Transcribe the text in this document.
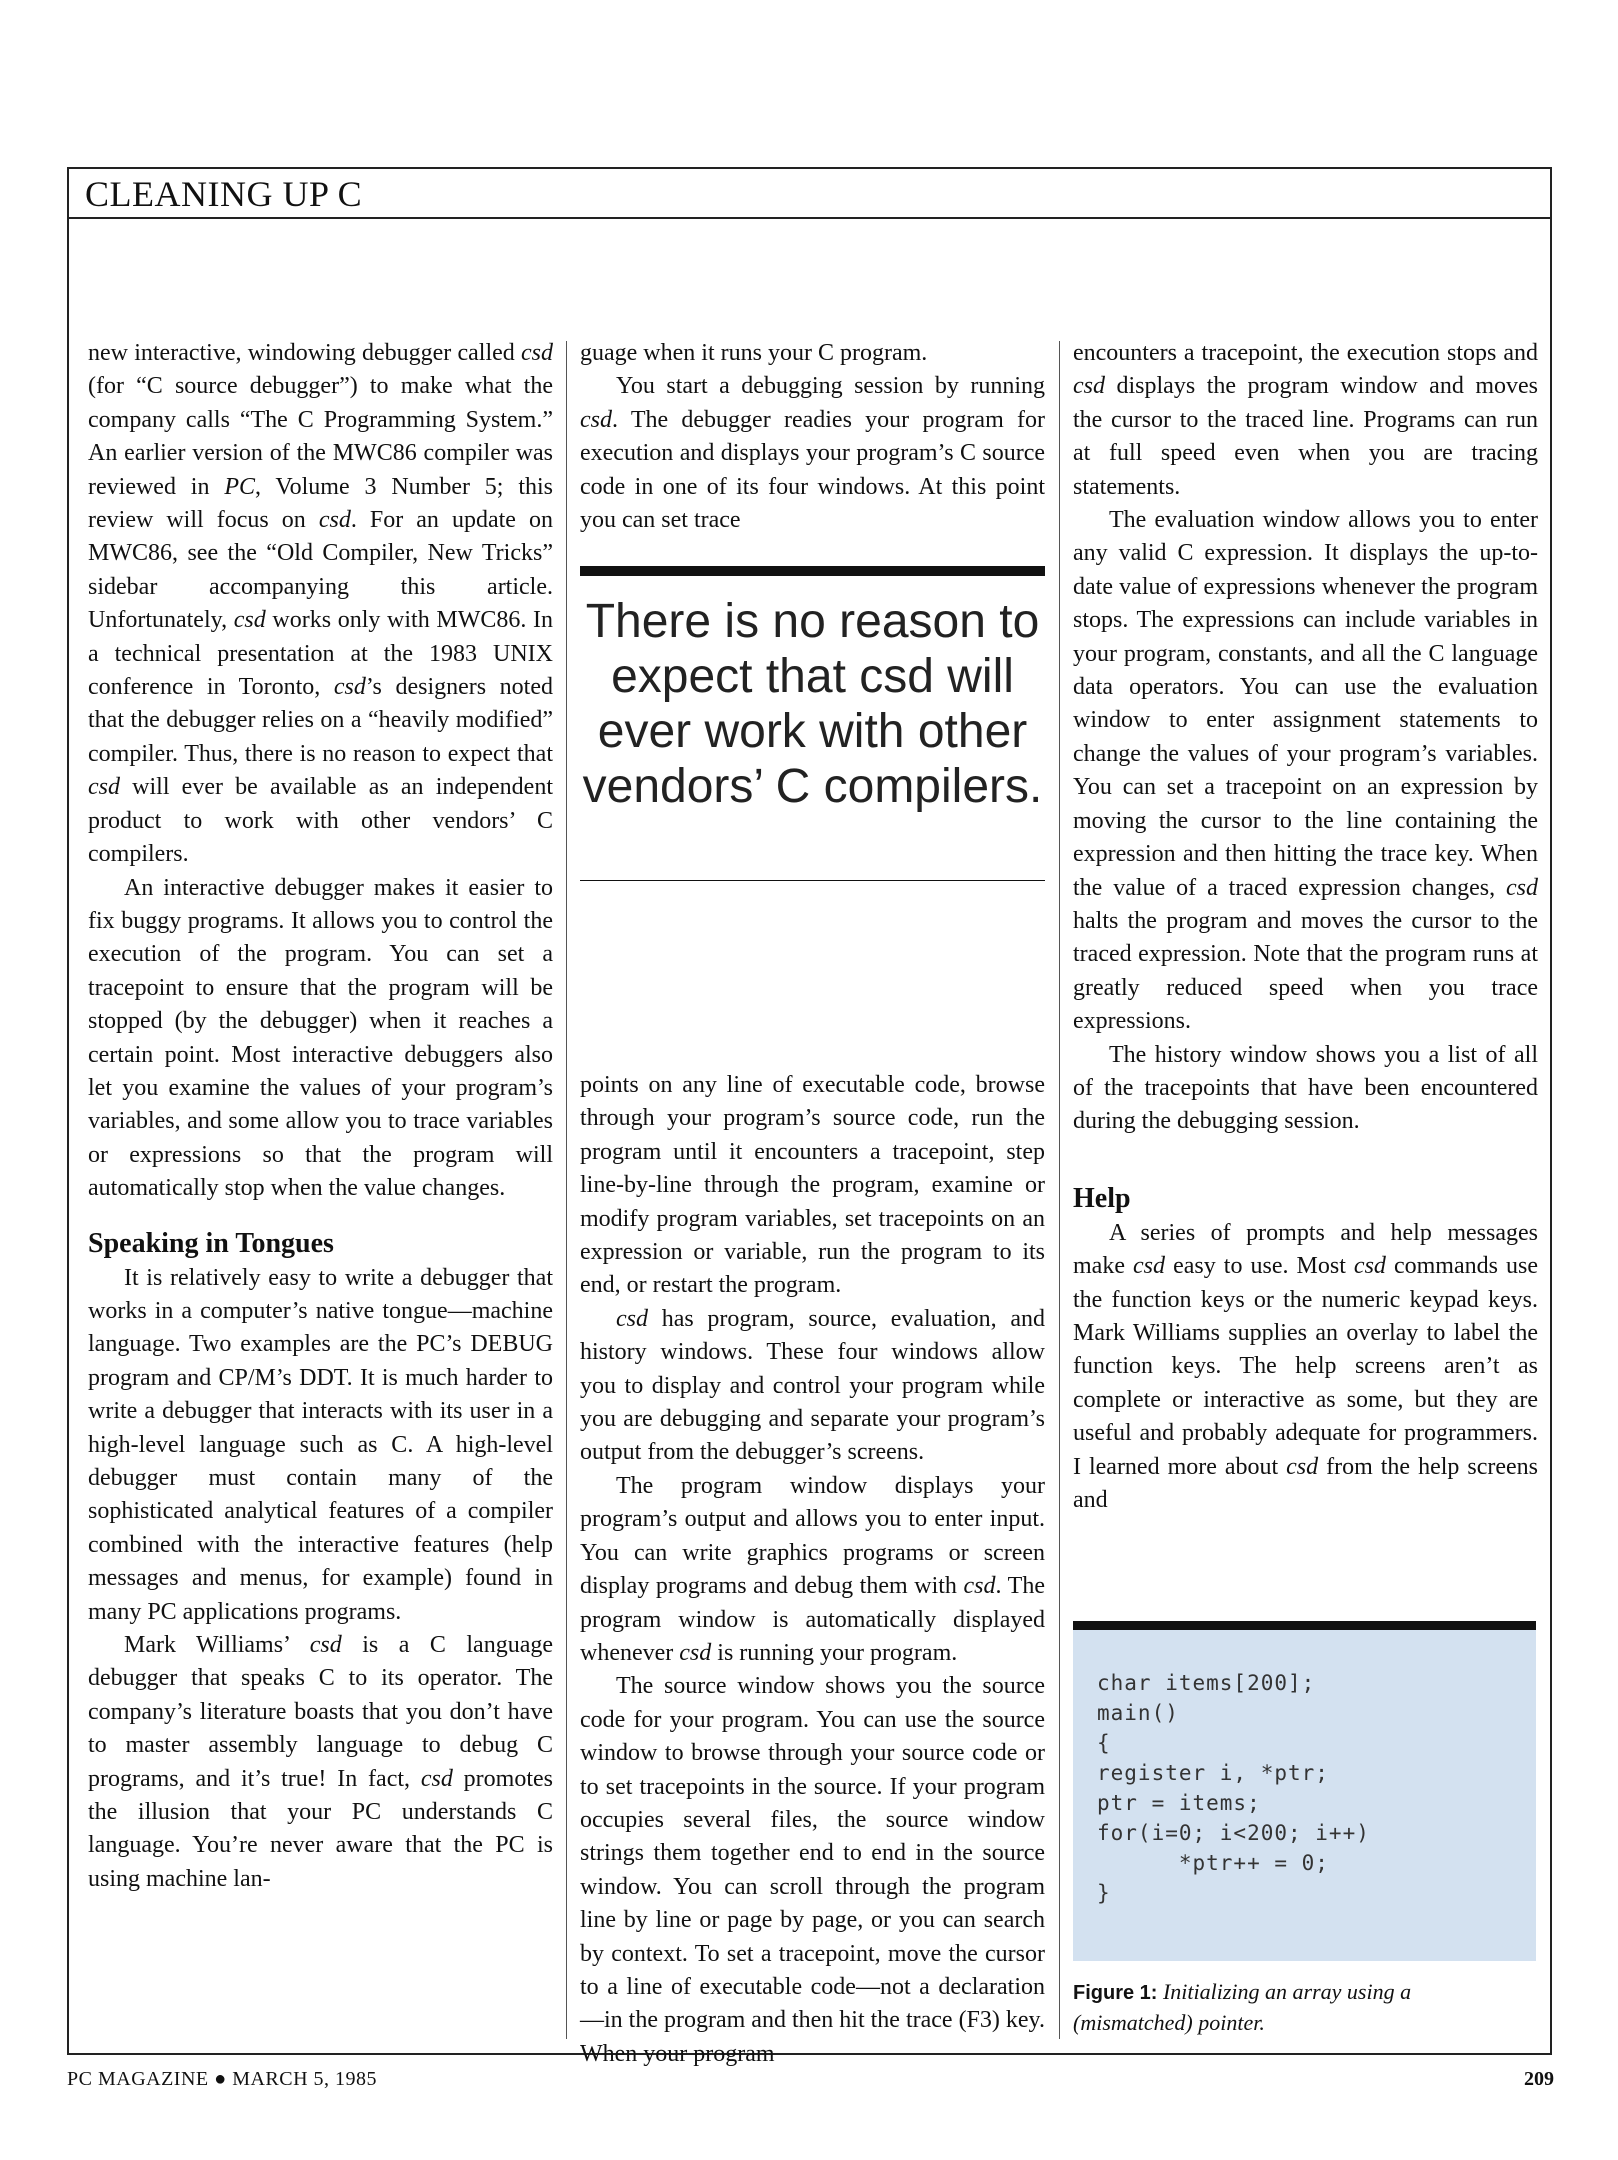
CLEANING UP C

new interactive, windowing debugger called csd (for “C source debugger”) to make what the company calls “The C Programming System.” An earlier version of the MWC86 compiler was reviewed in PC, Volume 3 Number 5; this review will focus on csd. For an update on MWC86, see the “Old Compiler, New Tricks” sidebar accompanying this article. Unfortunately, csd works only with MWC86. In a technical presentation at the 1983 UNIX conference in Toronto, csd’s designers noted that the debugger relies on a “heavily modified” compiler. Thus, there is no reason to expect that csd will ever be available as an independent product to work with other vendors’ C compilers.

An interactive debugger makes it easier to fix buggy programs. It allows you to control the execution of the program. You can set a tracepoint to ensure that the program will be stopped (by the debugger) when it reaches a certain point. Most interactive debuggers also let you examine the values of your program’s variables, and some allow you to trace variables or expressions so that the program will automatically stop when the value changes.

Speaking in Tongues

It is relatively easy to write a debugger that works in a computer’s native tongue—machine language. Two examples are the PC’s DEBUG program and CP/M’s DDT. It is much harder to write a debugger that interacts with its user in a high-level language such as C. A high-level debugger must contain many of the sophisticated analytical features of a compiler combined with the interactive features (help messages and menus, for example) found in many PC applications programs.

Mark Williams’ csd is a C language debugger that speaks C to its operator. The company’s literature boasts that you don’t have to master assembly language to debug C programs, and it’s true! In fact, csd promotes the illusion that your PC understands C language. You’re never aware that the PC is using machine lan-

guage when it runs your C program.

You start a debugging session by running csd. The debugger readies your program for execution and displays your program’s C source code in one of its four windows. At this point you can set trace

There is no reason to expect that csd will ever work with other vendors’ C compilers.

points on any line of executable code, browse through your program’s source code, run the program until it encounters a tracepoint, step line-by-line through the program, examine or modify program variables, set tracepoints on an expression or variable, run the program to its end, or restart the program.

csd has program, source, evaluation, and history windows. These four windows allow you to display and control your program while you are debugging and separate your program’s output from the debugger’s screens.

The program window displays your program’s output and allows you to enter input. You can write graphics programs or screen display programs and debug them with csd. The program window is automatically displayed whenever csd is running your program.

The source window shows you the source code for your program. You can use the source window to browse through your source code or to set tracepoints in the source. If your program occupies several files, the source window strings them together end to end in the source window. You can scroll through the program line by line or page by page, or you can search by context. To set a tracepoint, move the cursor to a line of executable code—not a declaration—in the program and then hit the trace (F3) key. When your program

encounters a tracepoint, the execution stops and csd displays the program window and moves the cursor to the traced line. Programs can run at full speed even when you are tracing statements.

The evaluation window allows you to enter any valid C expression. It displays the up-to-date value of expressions whenever the program stops. The expressions can include variables in your program, constants, and all the C language data operators. You can use the evaluation window to enter assignment statements to change the values of your program’s variables. You can set a tracepoint on an expression by moving the cursor to the line containing the expression and then hitting the trace key. When the value of a traced expression changes, csd halts the program and moves the cursor to the traced expression. Note that the program runs at greatly reduced speed when you trace expressions.

The history window shows you a list of all of the tracepoints that have been encountered during the debugging session.

Help

A series of prompts and help messages make csd easy to use. Most csd commands use the function keys or the numeric keypad keys. Mark Williams supplies an overlay to label the function keys. The help screens aren’t as complete or interactive as some, but they are useful and probably adequate for programmers. I learned more about csd from the help screens and

char items[200];
main()
{
register i, *ptr;
ptr = items;
for(i=0; i<200; i++)
*ptr++ = 0;
}
Figure 1: Initializing an array using a (mismatched) pointer.
PC MAGAZINE ● MARCH 5, 1985	209
